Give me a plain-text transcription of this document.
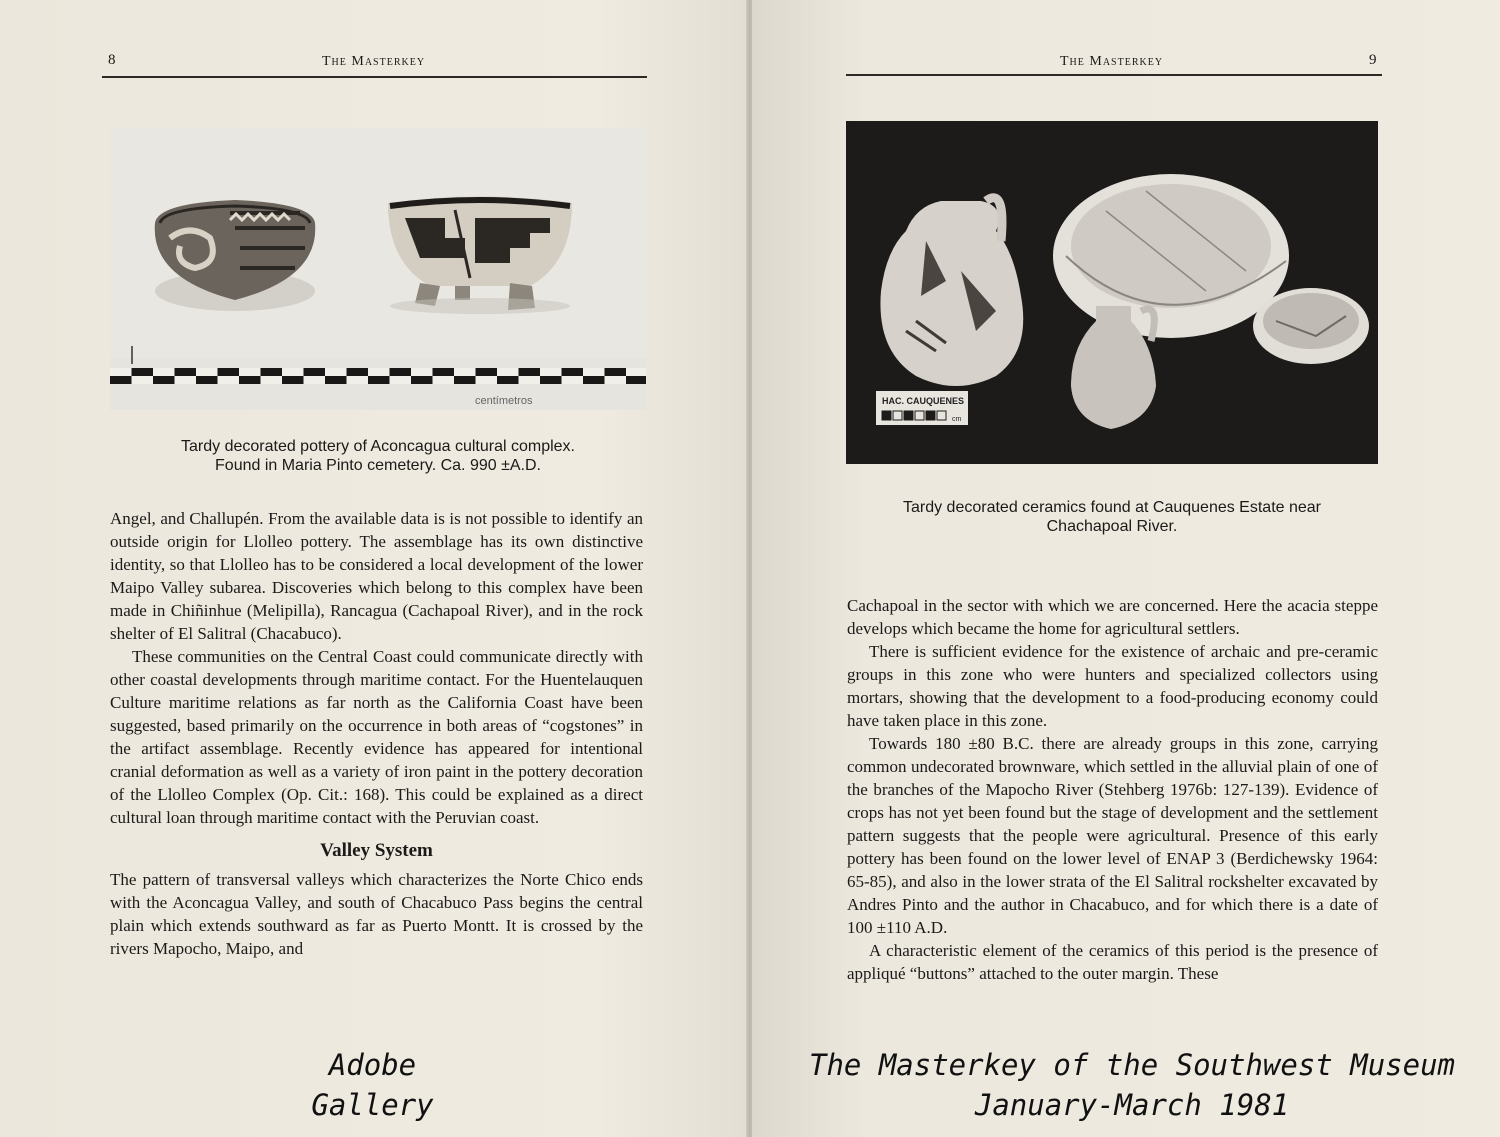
8	The Masterkey
centímetros

Tardy decorated pottery of Aconcagua cultural complex.

Found in Maria Pinto cemetery. Ca. 990 ±A.D.

Angel, and Challupén. From the available data is is not possible to identify an outside origin for Llolleo pottery. The assemblage has its own distinctive identity, so that Llolleo has to be considered a local development of the lower Maipo Valley subarea. Discoveries which belong to this complex have been made in Chiñinhue (Melipilla), Rancagua (Cachapoal River), and in the rock shelter of El Salitral (Chacabuco).

These communities on the Central Coast could communicate directly with other coastal developments through maritime contact. For the Huentelauquen Culture maritime relations as far north as the California Coast have been suggested, based primarily on the occurrence in both areas of “cogstones” in the artifact assemblage. Recently evidence has appeared for intentional cranial deformation as well as a variety of iron paint in the pottery decoration of the Llolleo Complex (Op. Cit.: 168). This could be explained as a direct cultural loan through maritime contact with the Peruvian coast.

Valley System

The pattern of transversal valleys which characterizes the Norte Chico ends with the Aconcagua Valley, and south of Chacabuco Pass begins the central plain which extends southward as far as Puerto Montt. It is crossed by the rivers Mapocho, Maipo, and

Adobe
Gallery
The Masterkey	9
HAC. CAUQUENES
cm

Tardy decorated ceramics found at Cauquenes Estate near

Chachapoal River.

Cachapoal in the sector with which we are concerned. Here the acacia steppe develops which became the home for agricultural settlers.

There is sufficient evidence for the existence of archaic and pre-ceramic groups in this zone who were hunters and specialized collectors using mortars, showing that the development to a food-producing economy could have taken place in this zone.

Towards 180 ±80 B.C. there are already groups in this zone, carrying common undecorated brownware, which settled in the alluvial plain of one of the branches of the Mapocho River (Stehberg 1976b: 127-139). Evidence of crops has not yet been found but the stage of development and the settlement pattern suggests that the people were agricultural. Presence of this early pottery has been found on the lower level of ENAP 3 (Berdichewsky 1964: 65-85), and also in the lower strata of the El Salitral rockshelter excavated by Andres Pinto and the author in Chacabuco, and for which there is a date of 100 ±110 A.D.

A characteristic element of the ceramics of this period is the presence of appliqué “buttons” attached to the outer margin. These

The Masterkey of the Southwest Museum
January-March 1981
